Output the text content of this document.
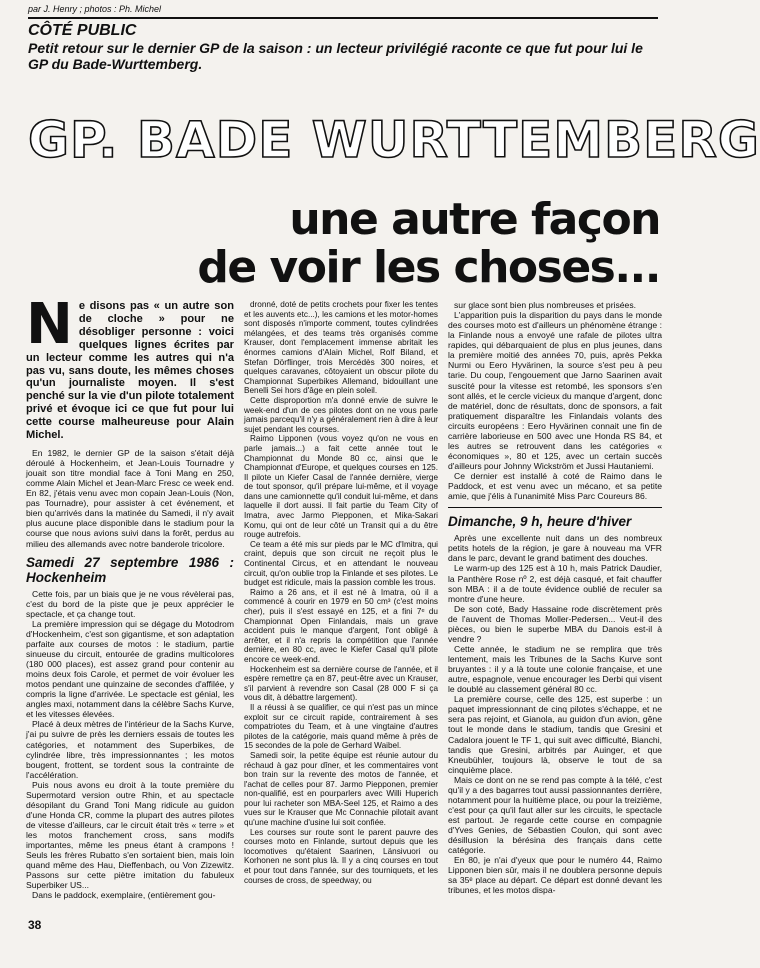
par J. Henry ; photos : Ph. Michel
CÔTÉ PUBLIC
Petit retour sur le dernier GP de la saison : un lecteur privilégié raconte ce que fut pour lui le GP du Bade-Wurttemberg.
GP. BADE WURTTEMBERG
une autre façon
de voir les choses...
Ne disons pas « un autre son de cloche » pour ne désobliger personne : voici quelques lignes écrites par un lecteur comme les autres qui n'a pas vu, sans doute, les mêmes choses qu'un journaliste moyen. Il s'est penché sur la vie d'un pilote totalement privé et évoque ici ce que fut pour lui cette course malheureuse pour Alain Michel.

En 1982, le dernier GP de la saison s'était déjà déroulé à Hockenheim, et Jean-Louis Tournadre y jouait son titre mondial face à Toni Mang en 250, comme Alain Michel et Jean-Marc Fresc ce week end. En 82, j'étais venu avec mon copain Jean-Louis (Non, pas Tournadre), pour assister à cet événement, et bien qu'arrivés dans la matinée du Samedi, il n'y avait plus aucune place disponible dans le stadium pour la course que nous avions suivi dans la forêt, perdus au milieu des allemands avec notre banderole tricolore.

Samedi 27 septembre 1986 : Hockenheim

Cette fois, par un biais que je ne vous révèlerai pas, c'est du bord de la piste que je peux apprécier le spectacle, et ça change tout.

La première impression qui se dégage du Motodrom d'Hockenheim, c'est son gigantisme, et son adaptation parfaite aux courses de motos : le stadium, partie sinueuse du circuit, entourée de gradins multicolores (180 000 places), est assez grand pour contenir au moins deux fois Carole, et permet de voir évoluer les motos pendant une quinzaine de secondes d'affilée, y compris la ligne d'arrivée. Le spectacle est génial, les angles maxi, notamment dans la célèbre Sachs Kurve, et les vitesses élevées.

Placé à deux mètres de l'intérieur de la Sachs Kurve, j'ai pu suivre de près les derniers essais de toutes les catégories, et notamment des Superbikes, de cylindrée libre, très impressionnantes ; les motos bougent, frottent, se tordent sous la contrainte de l'accélération.

Puis nous avons eu droit à la toute première du Supermotard version outre Rhin, et au spectacle désopilant du Grand Toni Mang ridicule au guidon d'une Honda CR, comme la plupart des autres pilotes de vitesse d'ailleurs, car le circuit était très « terre » et les motos franchement cross, sans modifs importantes, même les pneus étant à crampons ! Seuls les frères Rubatto s'en sortaient bien, mais loin quand même des Hau, Dieffenbach, ou Von Zizewitz. Passons sur cette piètre imitation du fabuleux Superbiker US...

Dans le paddock, exemplaire, (entièrement gou-

dronné, doté de petits crochets pour fixer les tentes et les auvents etc...), les camions et les motor-homes sont disposés n'importe comment, toutes cylindrées mélangées, et des teams très organisés comme Krauser, dont l'emplacement immense abritait les énormes camions d'Alain Michel, Rolf Biland, et Stefan Dörflinger, trois Mercédès 300 noires, et quelques caravanes, côtoyaient un obscur pilote du Championnat Superbikes Allemand, bidouillant une Benelli Sei hors d'âge en plein soleil.

Cette disproportion m'a donné envie de suivre le week-end d'un de ces pilotes dont on ne vous parle jamais parcequ'il n'y a généralement rien à dire à leur sujet pendant les courses.

Raimo Lipponen (vous voyez qu'on ne vous en parle jamais...) a fait cette année tout le Championnat du Monde 80 cc, ainsi que le Championnat d'Europe, et quelques courses en 125. Il pilote un Kiefer Casal de l'année dernière, vierge de tout sponsor, qu'il prépare lui-même, et il voyage dans une camionnette qu'il conduit lui-même, et dans laquelle il dort aussi. Il fait partie du Team City of Imatra, avec Jarmo Piepponen, et Mika-Sakari Komu, qui ont de leur côté un Transit qui a du être rouge autrefois.

Ce team a été mis sur pieds par le MC d'Imitra, qui craint, depuis que son circuit ne reçoit plus le Continental Circus, et en attendant le nouveau circuit, qu'on oublie trop la Finlande et ses pilotes. Le budget est ridicule, mais la passion comble les trous.

Raimo a 26 ans, et il est né à Imatra, où il a commencé à courir en 1979 en 50 cm³ (c'est moins cher), puis il s'est essayé en 125, et a fini 7ᵉ du Championnat Open Finlandais, mais un grave accident puis le manque d'argent, l'ont obligé à arrêter, et il n'a repris la compétition que l'année dernière, en 80 cc, avec le Kiefer Casal qu'il pilote encore ce week-end.

Hockenheim est sa dernière course de l'année, et il espère remettre ça en 87, peut-être avec un Krauser, s'il parvient à revendre son Casal (28 000 F si ça vous dit, à débattre largement).

Il a réussi à se qualifier, ce qui n'est pas un mince exploit sur ce circuit rapide, contrairement à ses compatriotes du Team, et à une vingtaine d'autres pilotes de la catégorie, mais quand même à près de 15 secondes de la pole de Gerhard Waibel.

Samedi soir, la petite équipe est réunie autour du réchaud à gaz pour dîner, et les commentaires vont bon train sur la revente des motos de l'année, et l'achat de celles pour 87. Jarmo Piepponen, premier non-qualifié, est en pourparlers avec Willi Huperich pour lui racheter son MBA-Seel 125, et Raimo a des vues sur le Krauser que Mc Connachie pilotait avant qu'une machine d'usine lui soit confiée.

Les courses sur route sont le parent pauvre des courses moto en Finlande, surtout depuis que les locomotives qu'étaient Saarinen, Länsivuori ou Korhonen ne sont plus là. Il y a cinq courses en tout et pour tout dans l'année, sur des tourniquets, et les courses de cross, de speedway, ou

sur glace sont bien plus nombreuses et prisées.

L'apparition puis la disparition du pays dans le monde des courses moto est d'ailleurs un phénomène étrange : la Finlande nous a envoyé une rafale de pilotes ultra rapides, qui débarquaient de plus en plus jeunes, dans la première moitié des années 70, puis, après Pekka Nurmi ou Eero Hyvärinen, la source s'est peu à peu tarie. Du coup, l'engouement que Jarno Saarinen avait suscité pour la vitesse est retombé, les sponsors s'en sont allés, et le cercle vicieux du manque d'argent, donc de matériel, donc de résultats, donc de sponsors, a fait pratiquement disparaître les Finlandais volants des circuits européens : Eero Hyvärinen connait une fin de carrière laborieuse en 500 avec une Honda RS 84, et les autres se retrouvent dans les catégories « économiques », 80 et 125, avec un certain succès d'ailleurs pour Johnny Wickström et Jussi Hautaniemi.

Ce dernier est installé à coté de Raimo dans le Paddock, et est venu avec un mécano, et sa petite amie, que j'élis à l'unanimité Miss Parc Coureurs 86.

Dimanche, 9 h, heure d'hiver

Après une excellente nuit dans un des nombreux petits hotels de la région, je gare à nouveau ma VFR dans le parc, devant le grand batiment des douches.

Le warm-up des 125 est à 10 h, mais Patrick Daudier, la Panthère Rose nº 2, est déjà casqué, et fait chauffer son MBA : il a de toute évidence oublié de reculer sa montre d'une heure.

De son coté, Bady Hassaine rode discrètement près de l'auvent de Thomas Moller-Pedersen... Veut-il des pièces, ou bien le superbe MBA du Danois est-il à vendre ?

Cette année, le stadium ne se remplira que très lentement, mais les Tribunes de la Sachs Kurve sont bruyantes : il y a là toute une colonie française, et une autre, espagnole, venue encourager les Derbi qui visent le doublé au classement général 80 cc.

La première course, celle des 125, est superbe : un paquet impressionnant de cinq pilotes s'échappe, et ne sera pas rejoint, et Gianola, au guidon d'un avion, gêne tout le monde dans le stadium, tandis que Gresini et Cadalora jouent le TF 1, qui suit avec difficulté, Bianchi, tandis que Gresini, arbitrés par Auinger, et que Kneubühler, toujours là, observe le tout de sa cinquième place.

Mais ce dont on ne se rend pas compte à la télé, c'est qu'il y a des bagarres tout aussi passionnantes derrière, notamment pour la huitième place, ou pour la treizième, c'est pour ça qu'il faut aller sur les circuits, le spectacle est partout. Je regarde cette course en compagnie d'Yves Genies, de Sébastien Coulon, qui sont avec désillusion la bérésina des français dans cette catégorie.

En 80, je n'ai d'yeux que pour le numéro 44, Raimo Lipponen bien sûr, mais il ne doublera personne depuis sa 35ᵉ place au départ. Ce départ est donné devant les tribunes, et les motos dispa-

38
